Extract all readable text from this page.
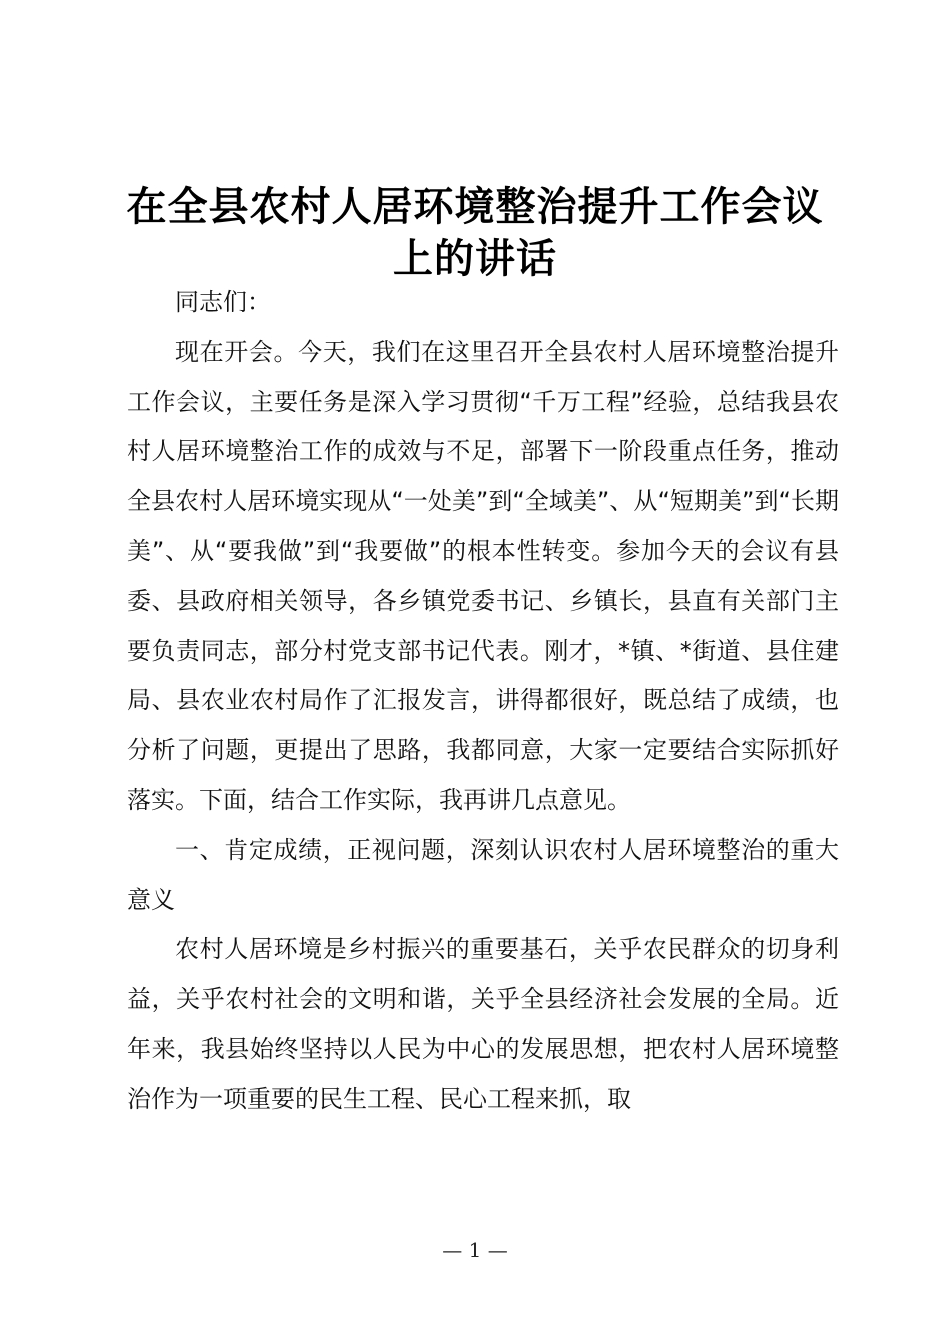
在全县农村人居环境整治提升工作会议
上的讲话

同志们：

现在开会。今天，我们在这里召开全县农村人居环境整治提升工作会议，主要任务是深入学习贯彻“千万工程”经验，总结我县农村人居环境整治工作的成效与不足，部署下一阶段重点任务，推动全县农村人居环境实现从“一处美”到“全域美”、从“短期美”到“长期美”、从“要我做”到“我要做”的根本性转变。参加今天的会议有县委、县政府相关领导，各乡镇党委书记、乡镇长，县直有关部门主要负责同志，部分村党支部书记代表。刚才，*镇、*街道、县住建局、县农业农村局作了汇报发言，讲得都很好，既总结了成绩，也分析了问题，更提出了思路，我都同意，大家一定要结合实际抓好落实。下面，结合工作实际，我再讲几点意见。

一、肯定成绩，正视问题，深刻认识农村人居环境整治的重大意义

农村人居环境是乡村振兴的重要基石，关乎农民群众的切身利益，关乎农村社会的文明和谐，关乎全县经济社会发展的全局。近年来，我县始终坚持以人民为中心的发展思想，把农村人居环境整治作为一项重要的民生工程、民心工程来抓，取

— 1 —
